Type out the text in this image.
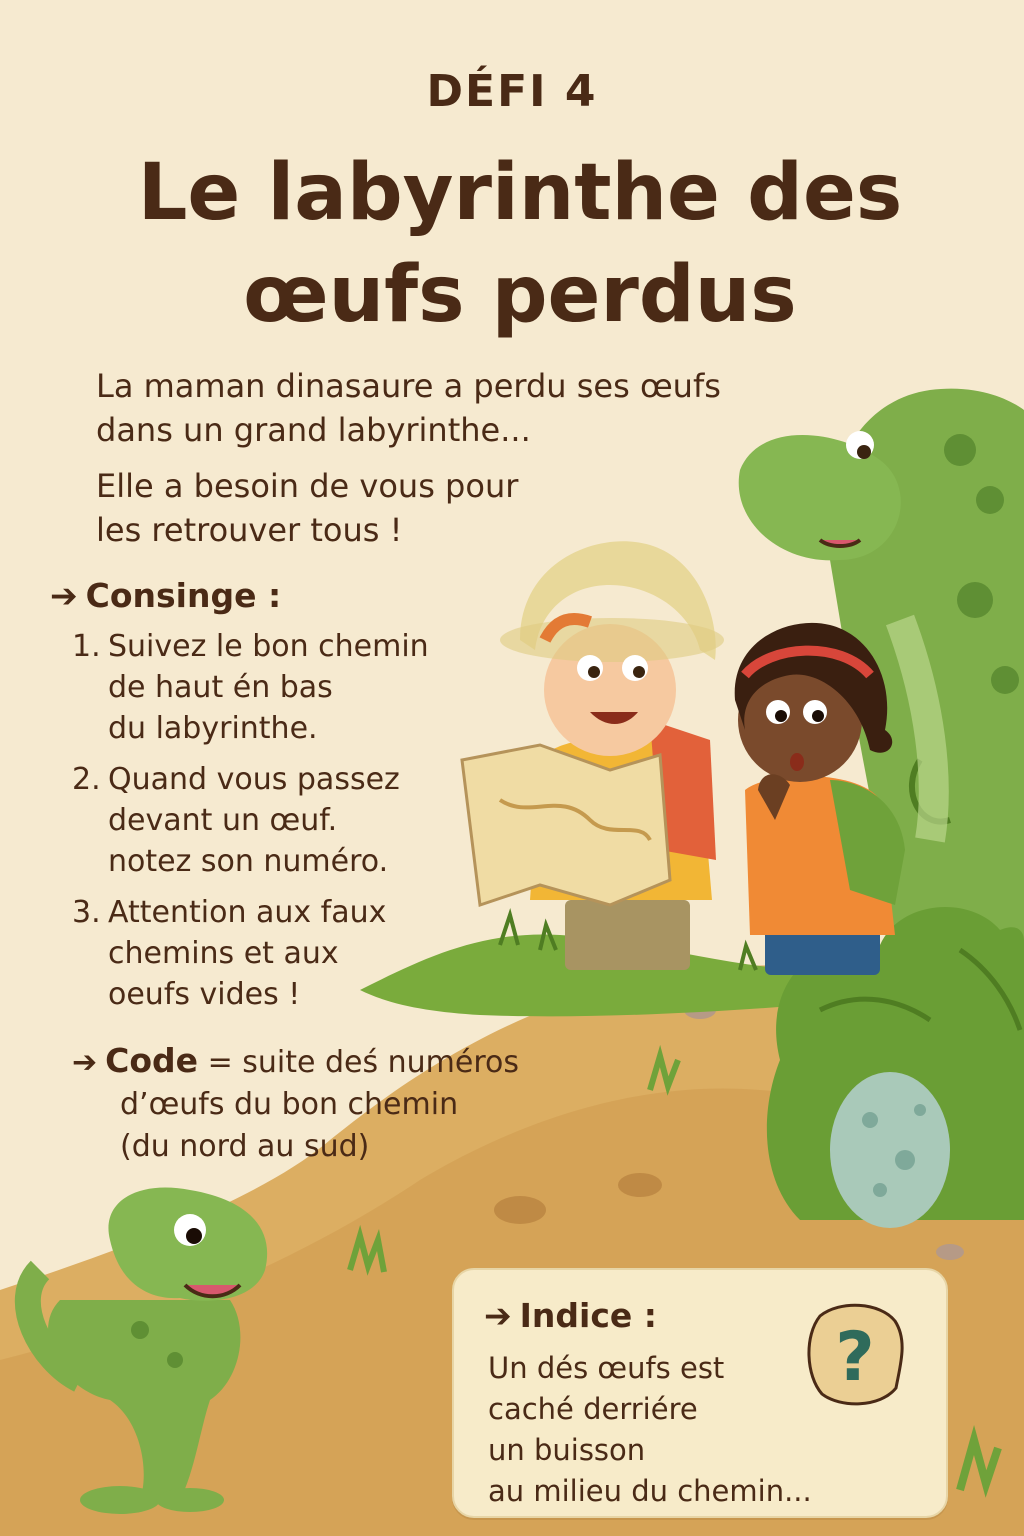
DÉFI 4
Le labyrinthe des
œufs perdus

La maman dinasaure a perdu ses œufs
dans un grand labyrinthe...

Elle a besoin de vous pour
les retrouver tous !

➔ Consinge :
1. Suivez le bon chemin
de haut én bas
du labyrinthe.
2. Quand vous passez
devant un œuf.
notez son numéro.
3. Attention aux faux
chemins et aux
oeufs vides !
➔ Code = suite deś numéros
d’œufs du bon chemin
(du nord au sud)
➔ Indice :
Un dés œufs est
caché derriére
un buisson
au milieu du chemin...
?
